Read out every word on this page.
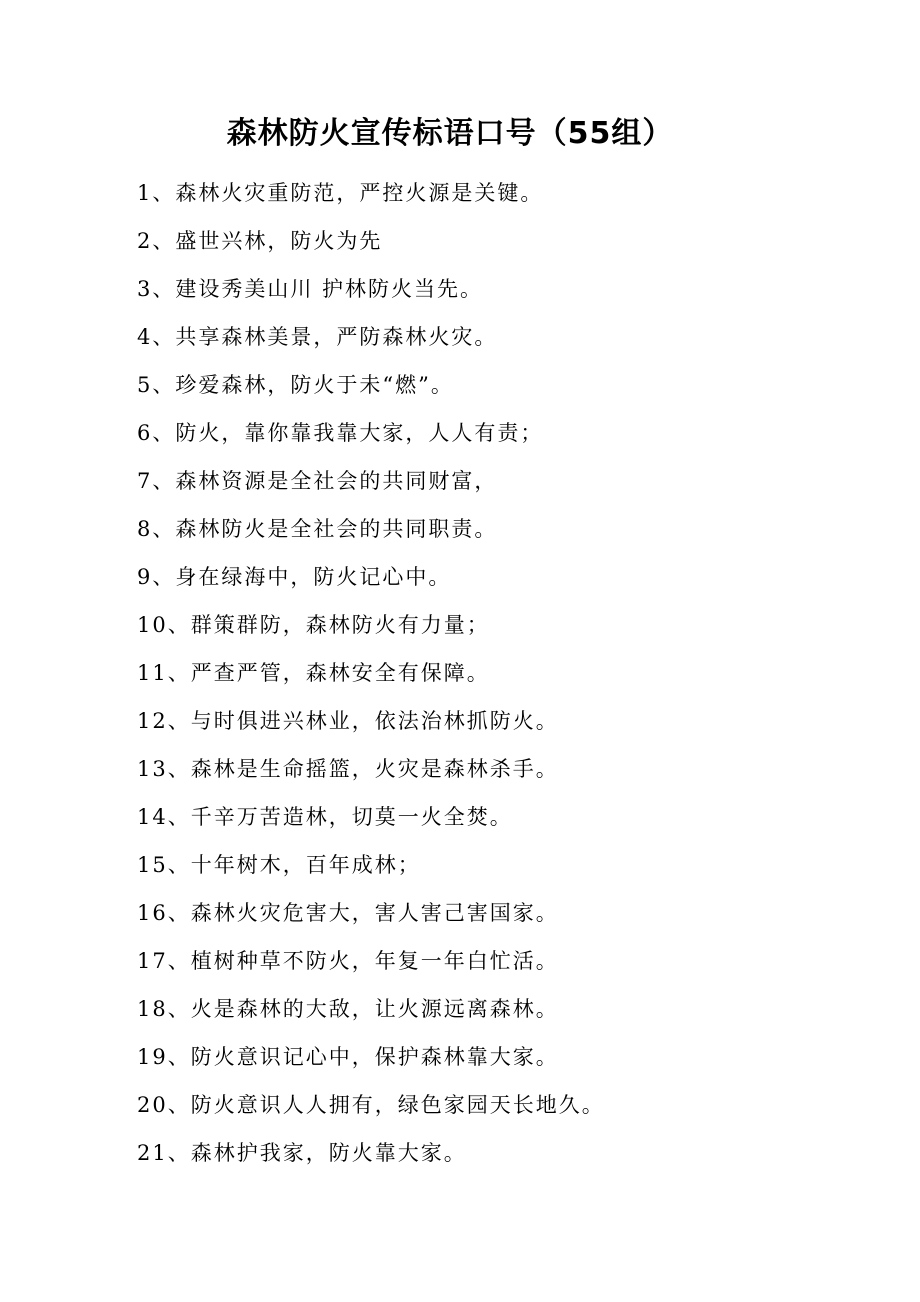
森林防火宣传标语口号（55组）
1、森林火灾重防范，严控火源是关键。
2、盛世兴林，防火为先
3、建设秀美山川 护林防火当先。
4、共享森林美景，严防森林火灾。
5、珍爱森林，防火于未“燃”。
6、防火，靠你靠我靠大家，人人有责；
7、森林资源是全社会的共同财富，
8、森林防火是全社会的共同职责。
9、身在绿海中，防火记心中。
10、群策群防，森林防火有力量；
11、严查严管，森林安全有保障。
12、与时俱进兴林业，依法治林抓防火。
13、森林是生命摇篮，火灾是森林杀手。
14、千辛万苦造林，切莫一火全焚。
15、十年树木，百年成林；
16、森林火灾危害大，害人害己害国家。
17、植树种草不防火，年复一年白忙活。
18、火是森林的大敌，让火源远离森林。
19、防火意识记心中，保护森林靠大家。
20、防火意识人人拥有，绿色家园天长地久。
21、森林护我家，防火靠大家。
